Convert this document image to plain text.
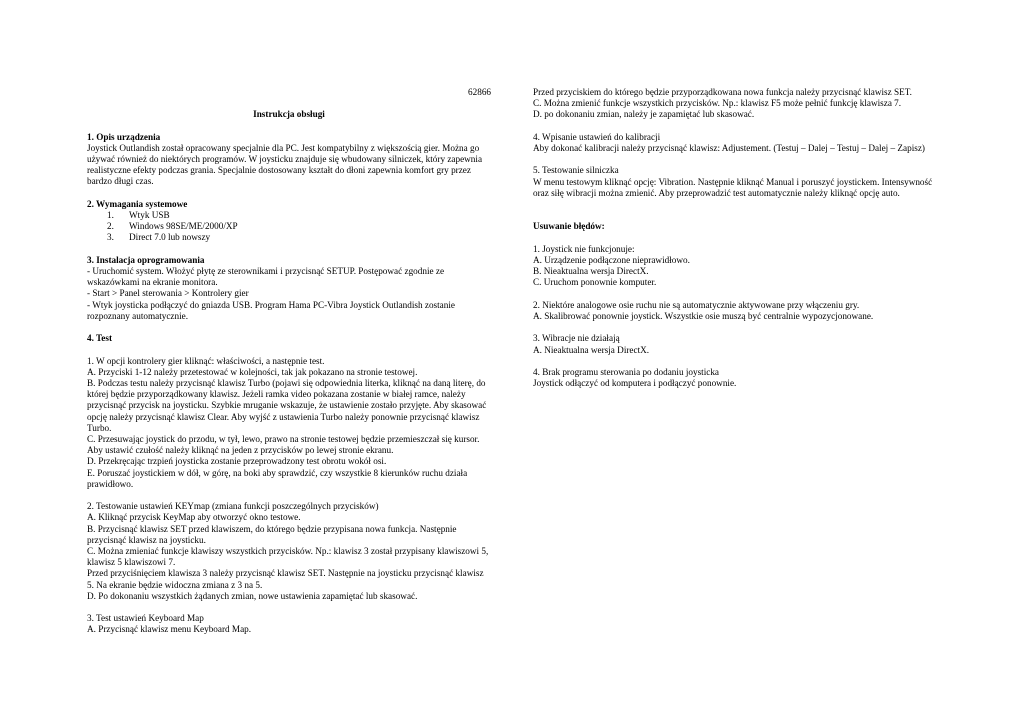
62866
Instrukcja obsługi
1. Opis urządzenia

Joystick Outlandish został opracowany specjalnie dla PC. Jest kompatybilny z większością gier. Można go używać również do niektórych programów. W joysticku znajduje się wbudowany silniczek, który zapewnia realistyczne efekty podczas grania. Specjalnie dostosowany kształt do dłoni zapewnia komfort gry przez bardzo długi czas.

2. Wymagania systemowe
1. Wtyk USB
2. Windows 98SE/ME/2000/XP
3. Direct 7.0 lub nowszy
3. Instalacja oprogramowania

- Uruchomić system. Włożyć płytę ze sterownikami i przycisnąć SETUP. Postępować zgodnie ze wskazówkami na ekranie monitora.

- Start > Panel sterowania > Kontrolery gier

- Wtyk joysticka podłączyć do gniazda USB. Program Hama PC-Vibra Joystick Outlandish zostanie rozpoznany automatycznie.

4. Test

1. W opcji kontrolery gier kliknąć: właściwości, a następnie test.

A. Przyciski 1-12 należy przetestować w kolejności, tak jak pokazano na stronie testowej.

B. Podczas testu należy przycisnąć klawisz Turbo (pojawi się odpowiednia literka, kliknąć na daną literę, do której będzie przyporządkowany klawisz. Jeżeli ramka video pokazana zostanie w białej ramce, należy przycisnąć przycisk na joysticku. Szybkie mruganie wskazuje, że ustawienie zostało przyjęte. Aby skasować opcję należy przycisnąć klawisz Clear. Aby wyjść z ustawienia Turbo należy ponownie przycisnąć klawisz Turbo.

C. Przesuwając joystick do przodu, w tył, lewo, prawo na stronie testowej będzie przemieszczał się kursor. Aby ustawić czułość należy kliknąć na jeden z przycisków po lewej stronie ekranu.

D. Przekręcając trzpień joysticka zostanie przeprowadzony test obrotu wokół osi.

E. Poruszać joystickiem w dół, w górę, na boki aby sprawdzić, czy wszystkie 8 kierunków ruchu działa prawidłowo.

2. Testowanie ustawień KEYmap (zmiana funkcji poszczególnych przycisków)

A. Kliknąć przycisk KeyMap aby otworzyć okno testowe.

B. Przycisnąć klawisz SET przed klawiszem, do którego będzie przypisana nowa funkcja. Następnie przycisnąć klawisz na joysticku.

C. Można zmieniać funkcje klawiszy wszystkich przycisków. Np.: klawisz 3 został przypisany klawiszowi 5, klawisz 5 klawiszowi 7.

Przed przyciśnięciem klawisza 3 należy przycisnąć klawisz SET. Następnie na joysticku przycisnąć klawisz 5. Na ekranie będzie widoczna zmiana z 3 na 5.

D. Po dokonaniu wszystkich żądanych zmian, nowe ustawienia zapamiętać lub skasować.

3. Test ustawień Keyboard Map

A. Przycisnąć klawisz menu Keyboard Map.

Przed przyciskiem do którego będzie przyporządkowana nowa funkcja należy przycisnąć klawisz SET.

C. Można zmienić funkcje wszystkich przycisków. Np.: klawisz F5 może pełnić funkcję klawisza 7.

D. po dokonaniu zmian, należy je zapamiętać lub skasować.

4. Wpisanie ustawień do kalibracji

Aby dokonać kalibracji należy przycisnąć klawisz: Adjustement. (Testuj – Dalej – Testuj – Dalej – Zapisz)

5. Testowanie silniczka

W menu testowym kliknąć opcję: Vibration. Następnie kliknąć Manual i poruszyć joystickem. Intensywność oraz siłę wibracji można zmienić. Aby przeprowadzić test automatycznie należy kliknąć opcję auto.

Usuwanie błędów:

1. Joystick nie funkcjonuje:

A. Urządzenie podłączone nieprawidłowo.

B. Nieaktualna wersja DirectX.

C. Uruchom ponownie komputer.

2. Niektóre analogowe osie ruchu nie są automatycznie aktywowane przy włączeniu gry.

A. Skalibrować ponownie joystick. Wszystkie osie muszą być centralnie wypozycjonowane.

3. Wibracje nie działają

A. Nieaktualna wersja DirectX.

4. Brak programu sterowania po dodaniu joysticka

Joystick odłączyć od komputera i podłączyć ponownie.
